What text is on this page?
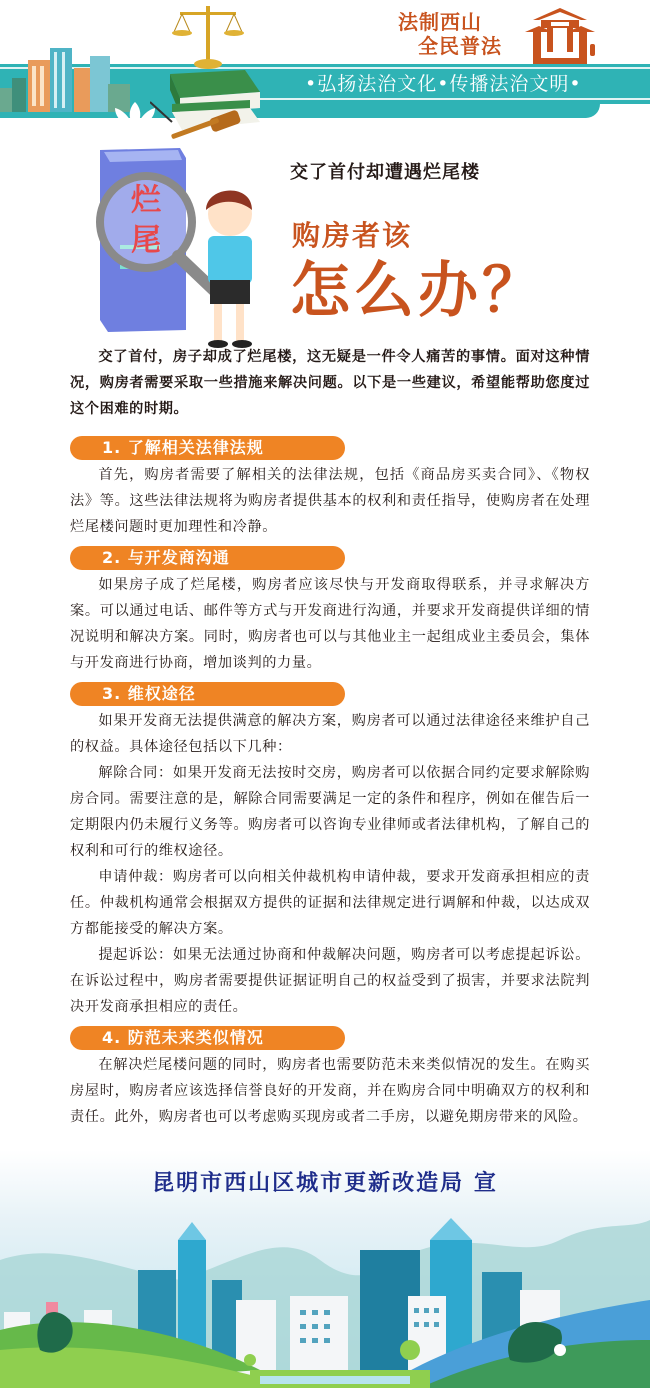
法制西山
全民普法
•弘扬法治文化•传播法治文明•
烂
尾
交了首付却遭遇烂尾楼
购房者该
怎么办？

交了首付，房子却成了烂尾楼，这无疑是一件令人痛苦的事情。面对这种情况，购房者需要采取一些措施来解决问题。以下是一些建议，希望能帮助您度过这个困难的时期。

1. 了解相关法律法规

首先，购房者需要了解相关的法律法规，包括《商品房买卖合同》、《物权法》等。这些法律法规将为购房者提供基本的权利和责任指导，使购房者在处理烂尾楼问题时更加理性和冷静。

2. 与开发商沟通

如果房子成了烂尾楼，购房者应该尽快与开发商取得联系，并寻求解决方案。可以通过电话、邮件等方式与开发商进行沟通，并要求开发商提供详细的情况说明和解决方案。同时，购房者也可以与其他业主一起组成业主委员会，集体与开发商进行协商，增加谈判的力量。

3. 维权途径

如果开发商无法提供满意的解决方案，购房者可以通过法律途径来维护自己的权益。具体途径包括以下几种：

解除合同：如果开发商无法按时交房，购房者可以依据合同约定要求解除购房合同。需要注意的是，解除合同需要满足一定的条件和程序，例如在催告后一定期限内仍未履行义务等。购房者可以咨询专业律师或者法律机构，了解自己的权利和可行的维权途径。

申请仲裁：购房者可以向相关仲裁机构申请仲裁，要求开发商承担相应的责任。仲裁机构通常会根据双方提供的证据和法律规定进行调解和仲裁，以达成双方都能接受的解决方案。

提起诉讼：如果无法通过协商和仲裁解决问题，购房者可以考虑提起诉讼。在诉讼过程中，购房者需要提供证据证明自己的权益受到了损害，并要求法院判决开发商承担相应的责任。

4. 防范未来类似情况

在解决烂尾楼问题的同时，购房者也需要防范未来类似情况的发生。在购买房屋时，购房者应该选择信誉良好的开发商，并在购房合同中明确双方的权利和责任。此外，购房者也可以考虑购买现房或者二手房，以避免期房带来的风险。

昆明市西山区城市更新改造局 宣
